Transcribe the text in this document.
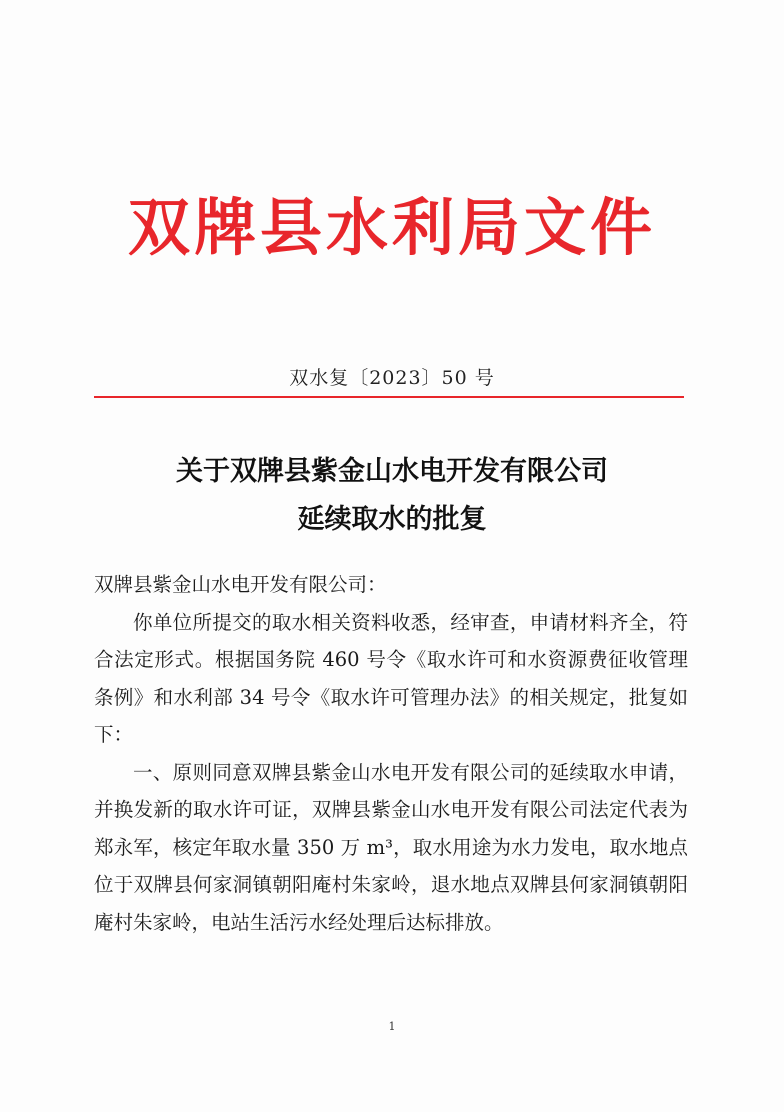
双牌县水利局文件
双水复〔2023〕50 号
关于双牌县紫金山水电开发有限公司
延续取水的批复

双牌县紫金山水电开发有限公司：

你单位所提交的取水相关资料收悉，经审查，申请材料齐全，符合法定形式。根据国务院 460 号令《取水许可和水资源费征收管理条例》和水利部 34 号令《取水许可管理办法》的相关规定，批复如下：

一、原则同意双牌县紫金山水电开发有限公司的延续取水申请，并换发新的取水许可证，双牌县紫金山水电开发有限公司法定代表为郑永军，核定年取水量 350 万 m³，取水用途为水力发电，取水地点位于双牌县何家洞镇朝阳庵村朱家岭，退水地点双牌县何家洞镇朝阳庵村朱家岭，电站生活污水经处理后达标排放。

1
